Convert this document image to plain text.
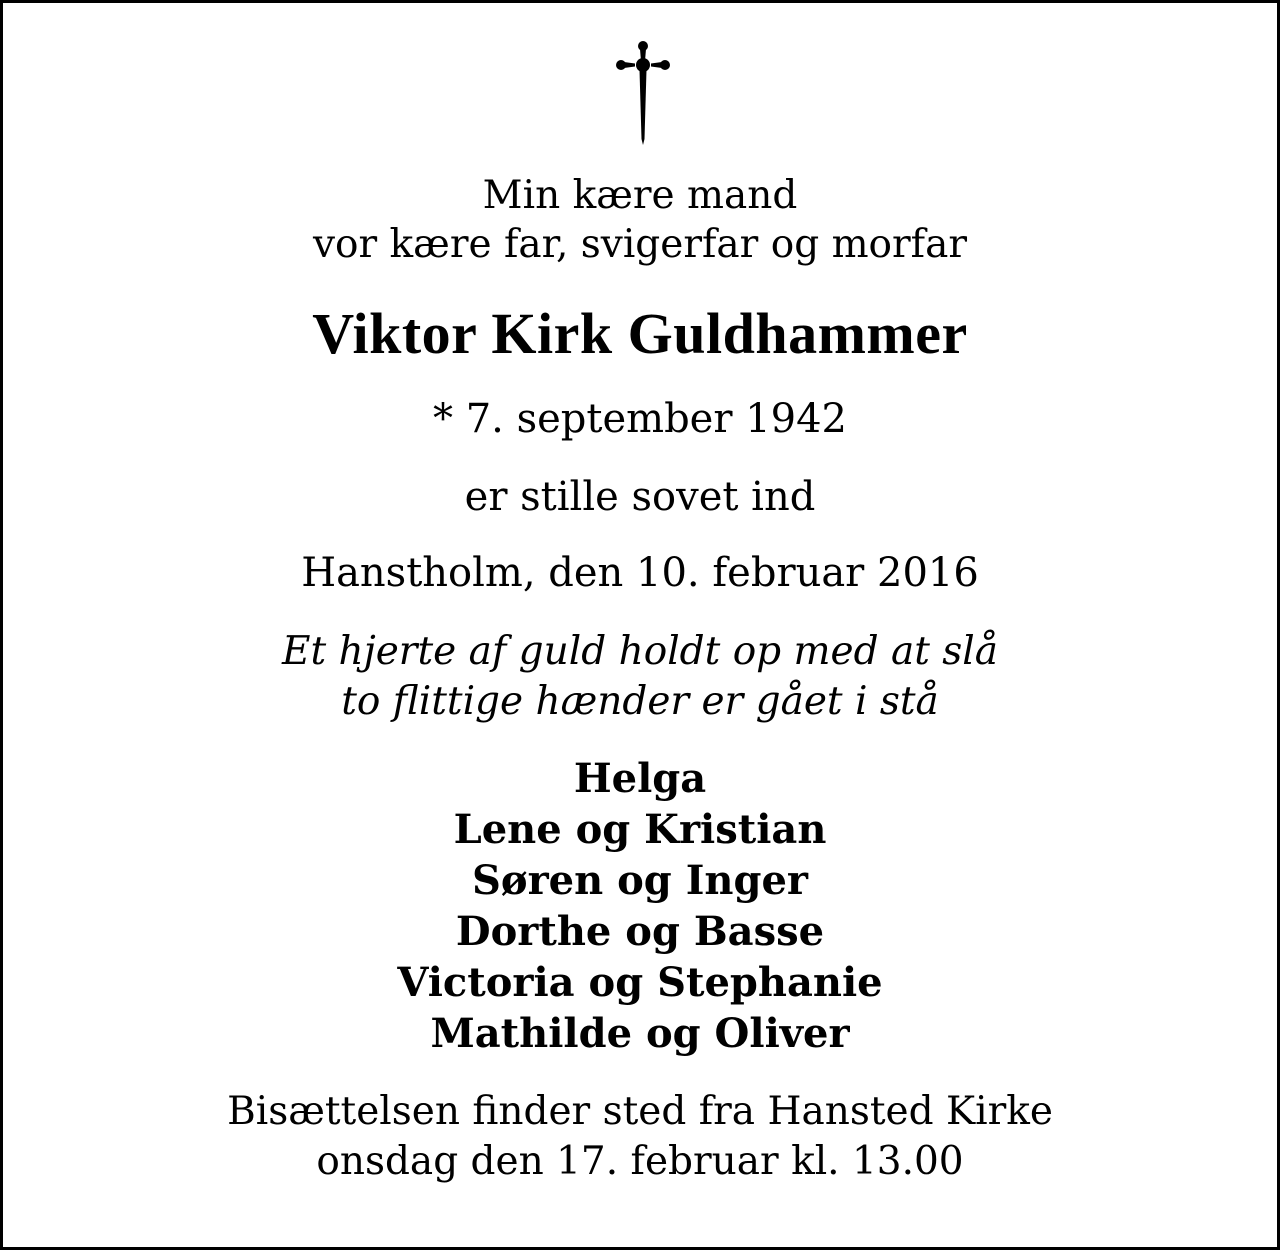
Min kære mand
vor kære far, svigerfar og morfar
Viktor Kirk Guldhammer
* 7. september 1942
er stille sovet ind
Hanstholm, den 10. februar 2016
Et hjerte af guld holdt op med at slå
to flittige hænder er gået i stå
Helga
Lene og Kristian
Søren og Inger
Dorthe og Basse
Victoria og Stephanie
Mathilde og Oliver
Bisættelsen finder sted fra Hansted Kirke
onsdag den 17. februar kl. 13.00
